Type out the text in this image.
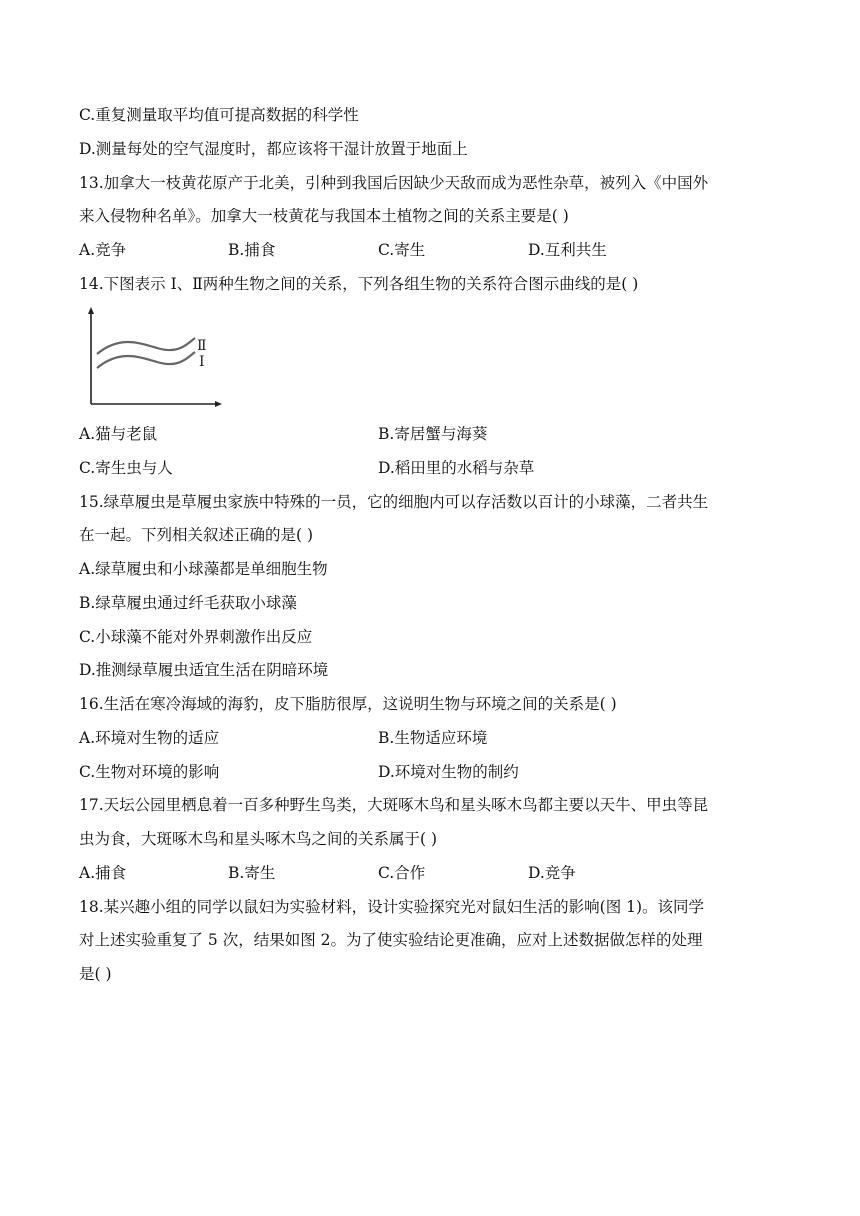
C.重复测量取平均值可提高数据的科学性
D.测量每处的空气湿度时，都应该将干湿计放置于地面上
13.加拿大一枝黄花原产于北美，引种到我国后因缺少天敌而成为恶性杂草，被列入《中国外
来入侵物种名单》。加拿大一枝黄花与我国本土植物之间的关系主要是( )
A.竞争	B.捕食	C.寄生	D.互利共生
14.下图表示 I、Ⅱ两种生物之间的关系，下列各组生物的关系符合图示曲线的是( )
Ⅱ
I
A.猫与老鼠	B.寄居蟹与海葵
C.寄生虫与人	D.稻田里的水稻与杂草
15.绿草履虫是草履虫家族中特殊的一员，它的细胞内可以存活数以百计的小球藻，二者共生
在一起。下列相关叙述正确的是( )
A.绿草履虫和小球藻都是单细胞生物
B.绿草履虫通过纤毛获取小球藻
C.小球藻不能对外界刺激作出反应
D.推测绿草履虫适宜生活在阴暗环境
16.生活在寒冷海域的海豹，皮下脂肪很厚，这说明生物与环境之间的关系是( )
A.环境对生物的适应	B.生物适应环境
C.生物对环境的影响	D.环境对生物的制约
17.天坛公园里栖息着一百多种野生鸟类，大斑啄木鸟和星头啄木鸟都主要以天牛、甲虫等昆
虫为食，大斑啄木鸟和星头啄木鸟之间的关系属于( )
A.捕食	B.寄生	C.合作	D.竞争
18.某兴趣小组的同学以鼠妇为实验材料，设计实验探究光对鼠妇生活的影响(图 1)。该同学
对上述实验重复了 5 次，结果如图 2。为了使实验结论更准确，应对上述数据做怎样的处理
是( )
